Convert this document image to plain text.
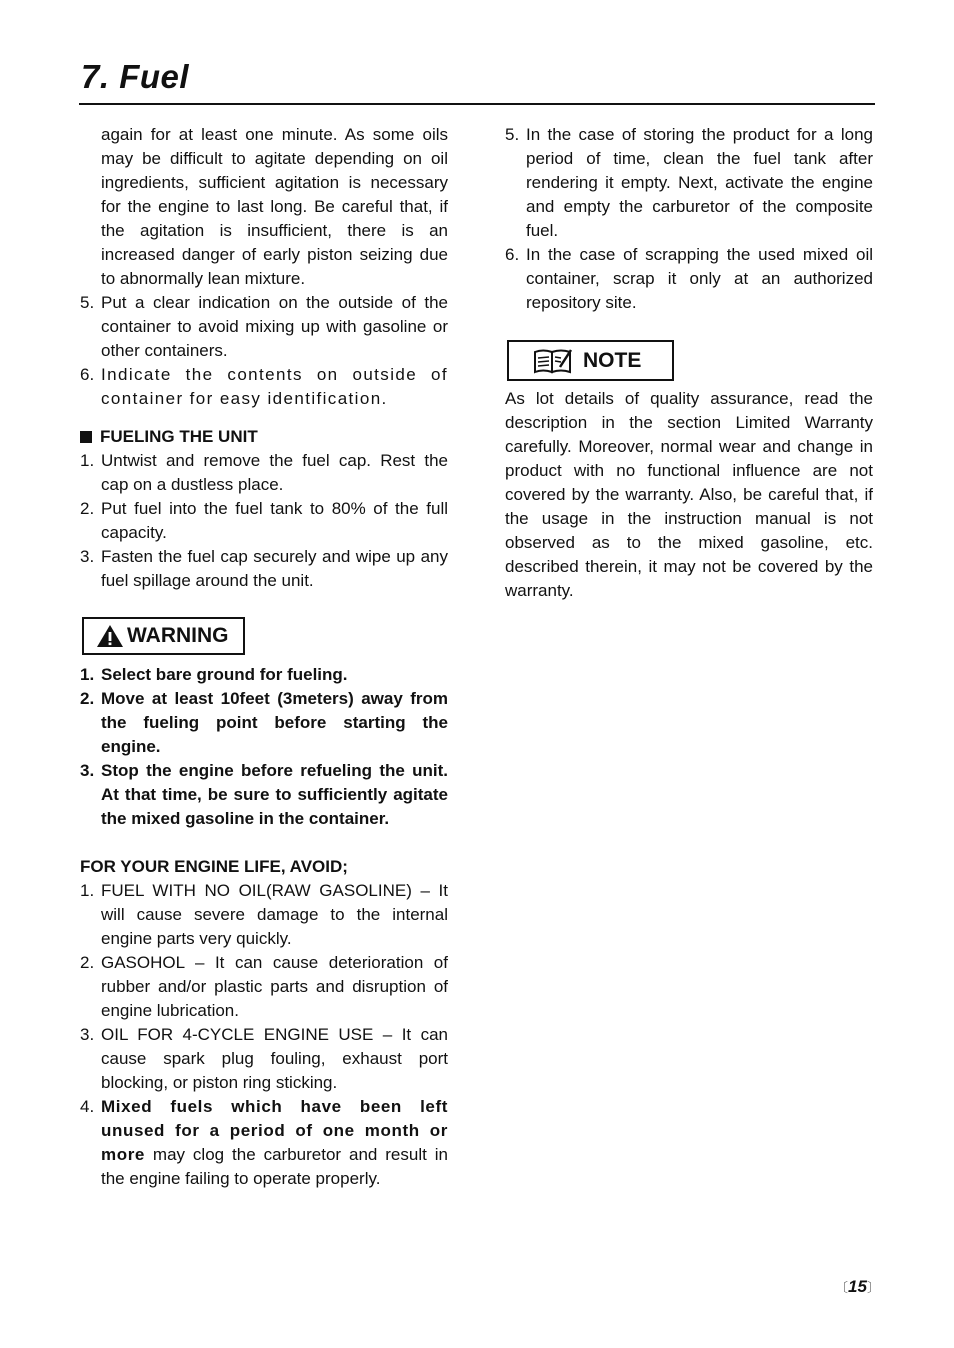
7. Fuel
again for at least one minute. As some oils may be difficult to agitate depending on oil ingredients, sufficient agitation is necessary for the engine to last long. Be careful that, if the agitation is insufficient, there is an increased danger of early piston seizing due to abnormally lean mixture.
5. Put a clear indication on the outside of the container to avoid mixing up with gasoline or other containers.
6. Indicate the contents on outside of container for easy identification.
FUELING THE UNIT
1. Untwist and remove the fuel cap. Rest the cap on a dustless place.
2. Put fuel into the fuel tank to 80% of the full capacity.
3. Fasten the fuel cap securely and wipe up any fuel spillage around the unit.
WARNING
1. Select bare ground for fueling.
2. Move at least 10feet (3meters) away from the fueling point before starting the engine.
3. Stop the engine before refueling the unit. At that time, be sure to sufficiently agitate the mixed gasoline in the container.
FOR YOUR ENGINE LIFE, AVOID;
1. FUEL WITH NO OIL(RAW GASOLINE) – It will cause severe damage to the internal engine parts very quickly.
2. GASOHOL – It can cause deterioration of rubber and/or plastic parts and disruption of engine lubrication.
3. OIL FOR 4-CYCLE ENGINE USE – It can cause spark plug fouling, exhaust port blocking, or piston ring sticking.
4. Mixed fuels which have been left unused for a period of one month or more may clog the carburetor and result in the engine failing to operate properly.
5. In the case of storing the product for a long period of time, clean the fuel tank after rendering it empty. Next, activate the engine and empty the carburetor of the composite fuel.
6. In the case of scrapping the used mixed oil container, scrap it only at an authorized repository site.
NOTE
As lot details of quality assurance, read the description in the section Limited Warranty carefully. Moreover, normal wear and change in product with no functional influence are not covered by the warranty. Also, be careful that, if the usage in the instruction manual is not observed as to the mixed gasoline, etc. described therein, it may not be covered by the warranty.
〔15〕
